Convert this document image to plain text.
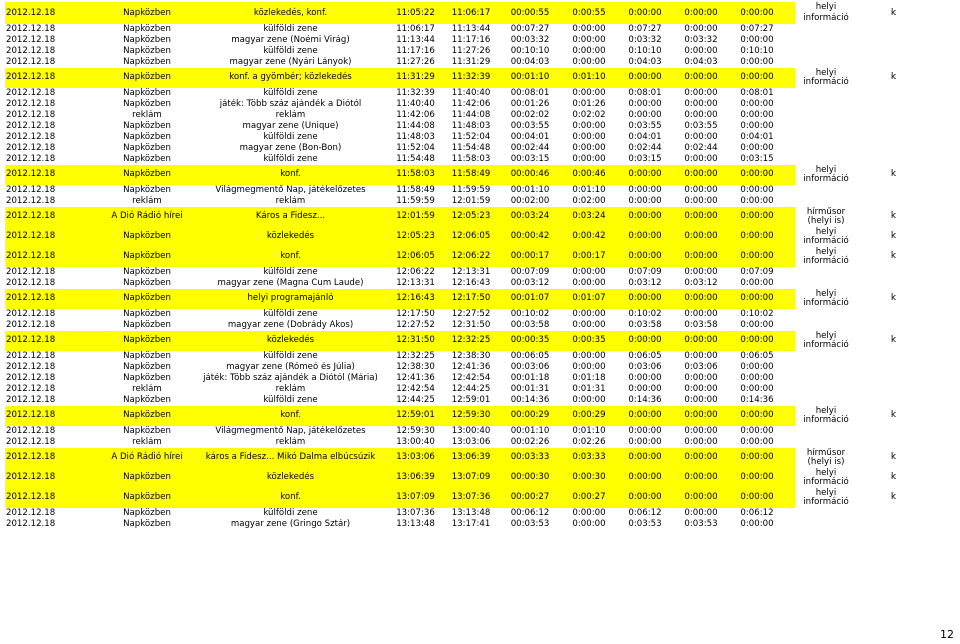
2012.12.18	Napközben	közlekedés, konf.	11:05:22	11:06:17	00:00:55	0:00:55	0:00:00	0:00:00	0:00:00		helyi információ	k
2012.12.18	Napközben	külföldi zene	11:06:17	11:13:44	00:07:27	0:00:00	0:07:27	0:00:00	0:07:27			
2012.12.18	Napközben	magyar zene (Noémi Virág)	11:13:44	11:17:16	00:03:32	0:00:00	0:03:32	0:03:32	0:00:00			
2012.12.18	Napközben	külföldi zene	11:17:16	11:27:26	00:10:10	0:00:00	0:10:10	0:00:00	0:10:10			
2012.12.18	Napközben	magyar zene (Nyári Lányok)	11:27:26	11:31:29	00:04:03	0:00:00	0:04:03	0:04:03	0:00:00			
2012.12.18	Napközben	konf. a gyömbér; közlekedés	11:31:29	11:32:39	00:01:10	0:01:10	0:00:00	0:00:00	0:00:00		helyi információ	k
2012.12.18	Napközben	külföldi zene	11:32:39	11:40:40	00:08:01	0:00:00	0:08:01	0:00:00	0:08:01			
2012.12.18	Napközben	játék: Több száz ajándék a Diótól	11:40:40	11:42:06	00:01:26	0:01:26	0:00:00	0:00:00	0:00:00			
2012.12.18	reklám	reklám	11:42:06	11:44:08	00:02:02	0:02:02	0:00:00	0:00:00	0:00:00			
2012.12.18	Napközben	magyar zene (Unique)	11:44:08	11:48:03	00:03:55	0:00:00	0:03:55	0:03:55	0:00:00			
2012.12.18	Napközben	külföldi zene	11:48:03	11:52:04	00:04:01	0:00:00	0:04:01	0:00:00	0:04:01			
2012.12.18	Napközben	magyar zene (Bon-Bon)	11:52:04	11:54:48	00:02:44	0:00:00	0:02:44	0:02:44	0:00:00			
2012.12.18	Napközben	külföldi zene	11:54:48	11:58:03	00:03:15	0:00:00	0:03:15	0:00:00	0:03:15			
2012.12.18	Napközben	konf.	11:58:03	11:58:49	00:00:46	0:00:46	0:00:00	0:00:00	0:00:00		helyi információ	k
2012.12.18	Napközben	Világmegmentő Nap, játékelőzetes	11:58:49	11:59:59	00:01:10	0:01:10	0:00:00	0:00:00	0:00:00			
2012.12.18	reklám	reklám	11:59:59	12:01:59	00:02:00	0:02:00	0:00:00	0:00:00	0:00:00			
2012.12.18	A Dió Rádió hírei	Káros a Fidesz...	12:01:59	12:05:23	00:03:24	0:03:24	0:00:00	0:00:00	0:00:00		hírműsor (helyi is)	k
2012.12.18	Napközben	közlekedés	12:05:23	12:06:05	00:00:42	0:00:42	0:00:00	0:00:00	0:00:00		helyi információ	k
2012.12.18	Napközben	konf.	12:06:05	12:06:22	00:00:17	0:00:17	0:00:00	0:00:00	0:00:00		helyi információ	k
2012.12.18	Napközben	külföldi zene	12:06:22	12:13:31	00:07:09	0:00:00	0:07:09	0:00:00	0:07:09			
2012.12.18	Napközben	magyar zene (Magna Cum Laude)	12:13:31	12:16:43	00:03:12	0:00:00	0:03:12	0:03:12	0:00:00			
2012.12.18	Napközben	helyi programajánló	12:16:43	12:17:50	00:01:07	0:01:07	0:00:00	0:00:00	0:00:00		helyi információ	k
2012.12.18	Napközben	külföldi zene	12:17:50	12:27:52	00:10:02	0:00:00	0:10:02	0:00:00	0:10:02			
2012.12.18	Napközben	magyar zene (Dobrády Ákos)	12:27:52	12:31:50	00:03:58	0:00:00	0:03:58	0:03:58	0:00:00			
2012.12.18	Napközben	közlekedés	12:31:50	12:32:25	00:00:35	0:00:35	0:00:00	0:00:00	0:00:00		helyi információ	k
2012.12.18	Napközben	külföldi zene	12:32:25	12:38:30	00:06:05	0:00:00	0:06:05	0:00:00	0:06:05			
2012.12.18	Napközben	magyar zene (Rómeó és Júlia)	12:38:30	12:41:36	00:03:06	0:00:00	0:03:06	0:03:06	0:00:00			
2012.12.18	Napközben	játék: Több száz ajándék a Diótól (Mária)	12:41:36	12:42:54	00:01:18	0:01:18	0:00:00	0:00:00	0:00:00			
2012.12.18	reklám	reklám	12:42:54	12:44:25	00:01:31	0:01:31	0:00:00	0:00:00	0:00:00			
2012.12.18	Napközben	külföldi zene	12:44:25	12:59:01	00:14:36	0:00:00	0:14:36	0:00:00	0:14:36			
2012.12.18	Napközben	konf.	12:59:01	12:59:30	00:00:29	0:00:29	0:00:00	0:00:00	0:00:00		helyi információ	k
2012.12.18	Napközben	Világmegmentő Nap, játékelőzetes	12:59:30	13:00:40	00:01:10	0:01:10	0:00:00	0:00:00	0:00:00			
2012.12.18	reklám	reklám	13:00:40	13:03:06	00:02:26	0:02:26	0:00:00	0:00:00	0:00:00			
2012.12.18	A Dió Rádió hírei	káros a Fidesz... Mikó Dalma elbúcsúzik	13:03:06	13:06:39	00:03:33	0:03:33	0:00:00	0:00:00	0:00:00		hírműsor (helyi is)	k
2012.12.18	Napközben	közlekedés	13:06:39	13:07:09	00:00:30	0:00:30	0:00:00	0:00:00	0:00:00		helyi információ	k
2012.12.18	Napközben	konf.	13:07:09	13:07:36	00:00:27	0:00:27	0:00:00	0:00:00	0:00:00		helyi információ	k
2012.12.18	Napközben	külföldi zene	13:07:36	13:13:48	00:06:12	0:00:00	0:06:12	0:00:00	0:06:12			
2012.12.18	Napközben	magyar zene (Gringo Sztár)	13:13:48	13:17:41	00:03:53	0:00:00	0:03:53	0:03:53	0:00:00			
12
